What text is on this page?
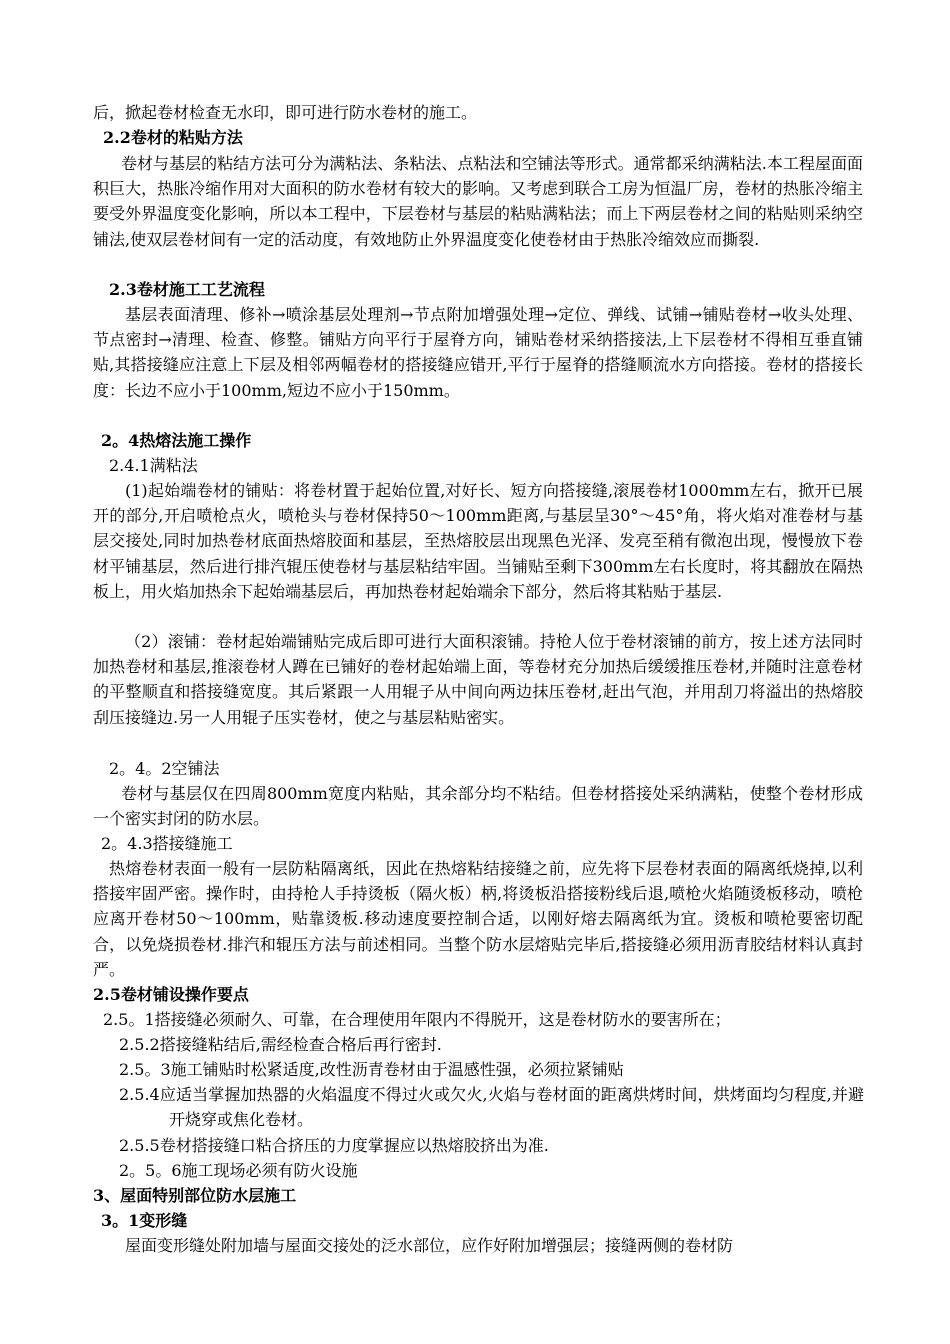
后，掀起卷材检查无水印，即可进行防水卷材的施工。

2.2卷材的粘贴方法

卷材与基层的粘结方法可分为满粘法、条粘法、点粘法和空铺法等形式。通常都采纳满粘法.本工程屋面面积巨大，热胀冷缩作用对大面积的防水卷材有较大的影响。又考虑到联合工房为恒温厂房，卷材的热胀冷缩主要受外界温度变化影响，所以本工程中，下层卷材与基层的粘贴满粘法；而上下两层卷材之间的粘贴则采纳空铺法,使双层卷材间有一定的活动度，有效地防止外界温度变化使卷材由于热胀冷缩效应而撕裂.

2.3卷材施工工艺流程

基层表面清理、修补→喷涂基层处理剂→节点附加增强处理→定位、弹线、试铺→铺贴卷材→收头处理、节点密封→清理、检查、修整。铺贴方向平行于屋脊方向，铺贴卷材采纳搭接法,上下层卷材不得相互垂直铺贴,其搭接缝应注意上下层及相邻两幅卷材的搭接缝应错开,平行于屋脊的搭缝顺流水方向搭接。卷材的搭接长度：长边不应小于100mm,短边不应小于150mm。

2。4热熔法施工操作

2.4.1满粘法

(1)起始端卷材的铺贴：将卷材置于起始位置,对好长、短方向搭接缝,滚展卷材1000mm左右，掀开已展开的部分,开启喷枪点火，喷枪头与卷材保持50～100mm距离,与基层呈30°～45°角，将火焰对准卷材与基层交接处,同时加热卷材底面热熔胶面和基层，至热熔胶层出现黑色光泽、发亮至稍有微泡出现，慢慢放下卷材平铺基层，然后进行排汽辊压使卷材与基层粘结牢固。当铺贴至剩下300mm左右长度时，将其翻放在隔热板上，用火焰加热余下起始端基层后，再加热卷材起始端余下部分，然后将其粘贴于基层.

（2）滚铺：卷材起始端铺贴完成后即可进行大面积滚铺。持枪人位于卷材滚铺的前方，按上述方法同时加热卷材和基层,推滚卷材人蹲在已铺好的卷材起始端上面，等卷材充分加热后缓缓推压卷材,并随时注意卷材的平整顺直和搭接缝宽度。其后紧跟一人用辊子从中间向两边抹压卷材,赶出气泡，并用刮刀将溢出的热熔胶刮压接缝边.另一人用辊子压实卷材，使之与基层粘贴密实。

2。4。2空铺法

卷材与基层仅在四周800mm宽度内粘贴，其余部分均不粘结。但卷材搭接处采纳满粘，使整个卷材形成一个密实封闭的防水层。

2。4.3搭接缝施工

热熔卷材表面一般有一层防粘隔离纸，因此在热熔粘结接缝之前，应先将下层卷材表面的隔离纸烧掉,以利搭接牢固严密。操作时，由持枪人手持烫板（隔火板）柄,将烫板沿搭接粉线后退,喷枪火焰随烫板移动，喷枪应离开卷材50～100mm，贴靠烫板.移动速度要控制合适，以刚好熔去隔离纸为宜。烫板和喷枪要密切配合，以免烧损卷材.排汽和辊压方法与前述相同。当整个防水层熔贴完毕后,搭接缝必须用沥青胶结材料认真封严。

2.5卷材铺设操作要点

2.5。1搭接缝必须耐久、可靠，在合理使用年限内不得脱开，这是卷材防水的要害所在；

2.5.2搭接缝粘结后,需经检查合格后再行密封.

2.5。3施工铺贴时松紧适度,改性沥青卷材由于温感性强，必须拉紧铺贴

2.5.4应适当掌握加热器的火焰温度不得过火或欠火,火焰与卷材面的距离烘烤时间，烘烤面均匀程度,并避开烧穿或焦化卷材。

2.5.5卷材搭接缝口粘合挤压的力度掌握应以热熔胶挤出为准.

2。5。6施工现场必须有防火设施

3、屋面特别部位防水层施工

3。1变形缝

屋面变形缝处附加墙与屋面交接处的泛水部位，应作好附加增强层；接缝两侧的卷材防
